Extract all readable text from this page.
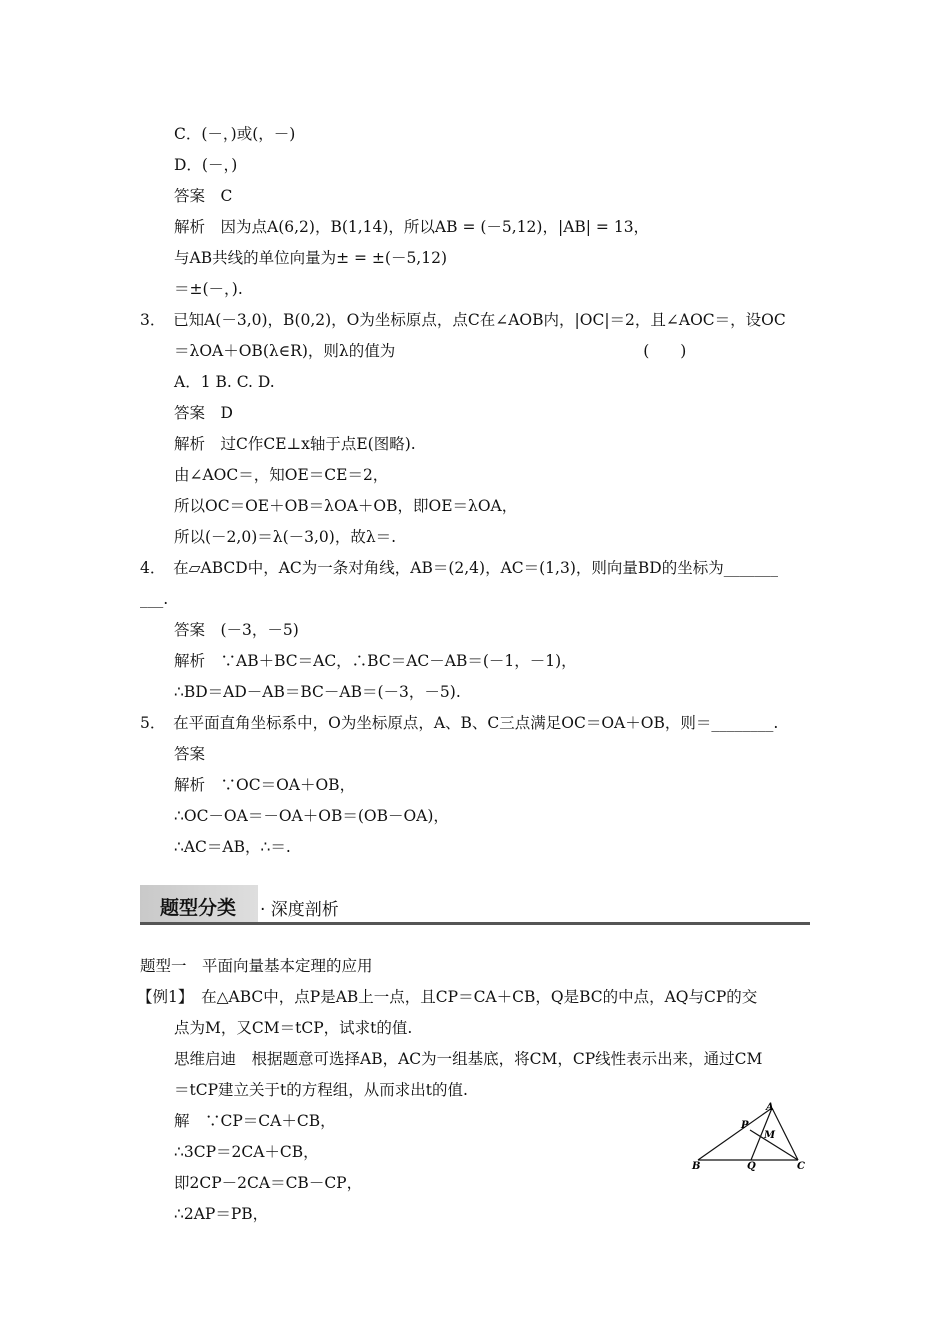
C．(－，)或(，－)
D．(－，)
答案　C
解析　因为点A(6,2)，B(1,14)，所以AB = (－5,12)，|AB| = 13，
与AB共线的单位向量为± = ±(－5,12)
＝±(－，).
3．　已知A(－3,0)，B(0,2)，O为坐标原点，点C在∠AOB内，|OC|＝2，且∠AOC＝，设OC
＝λOA＋OB(λ∈R)，则λ的值为　　　　　　　　　　　　　　　　(　　)
A．1 B. C. D.
答案　D
解析　过C作CE⊥x轴于点E(图略).
由∠AOC＝，知OE＝CE＝2，
所以OC＝OE＋OB＝λOA＋OB，即OE＝λOA，
所以(－2,0)＝λ(－3,0)，故λ＝.
4．　在▱ABCD中，AC为一条对角线，AB＝(2,4)，AC＝(1,3)，则向量BD的坐标为_______
___.
答案　(－3，－5)
解析　∵AB＋BC＝AC，∴BC＝AC－AB＝(－1，－1)，
∴BD＝AD－AB＝BC－AB＝(－3，－5).
5．　在平面直角坐标系中，O为坐标原点，A、B、C三点满足OC＝OA＋OB，则＝________.
答案
解析　∵OC＝OA＋OB，
∴OC－OA＝－OA＋OB＝(OB－OA)，
∴AC＝AB，∴＝.
题型一　平面向量基本定理的应用
【例1】　在△ABC中，点P是AB上一点，且CP＝CA＋CB，Q是BC的中点，AQ与CP的交
点为M，又CM＝tCP，试求t的值.
思维启迪　根据题意可选择AB，AC为一组基底，将CM，CP线性表示出来，通过CM
＝tCP建立关于t的方程组，从而求出t的值.
解　∵CP＝CA＋CB，
∴3CP＝2CA＋CB，
即2CP－2CA＝CB－CP，
∴2AP＝PB，
题型分类 · 深度剖析
A
B	C
P
M
Q
